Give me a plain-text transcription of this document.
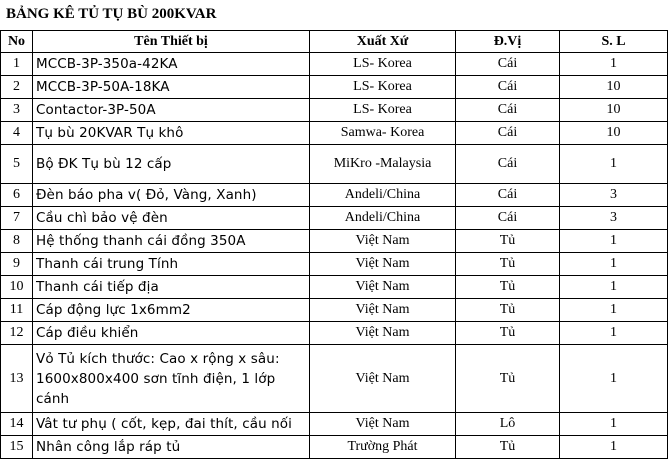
BẢNG KÊ TỦ TỤ BÙ 200KVAR
No	Tên Thiết bị	Xuất Xứ	Đ.Vị	S. L
1	MCCB-3P-350a-42KA	LS- Korea	Cái	1
2	MCCB-3P-50A-18KA	LS- Korea	Cái	10
3	Contactor-3P-50A	LS- Korea	Cái	10
4	Tụ bù 20KVAR Tụ khô	Samwa- Korea	Cái	10
5	Bộ ĐK Tụ bù 12 cấp	MiKro -Malaysia	Cái	1
6	Đèn báo pha v( Đỏ, Vàng, Xanh)	Andeli/China	Cái	3
7	Cầu chì bảo vệ đèn	Andeli/China	Cái	3
8	Hệ thống thanh cái đồng 350A	Việt Nam	Tủ	1
9	Thanh cái trung Tính	Việt Nam	Tủ	1
10	Thanh cái tiếp địa	Việt Nam	Tủ	1
11	Cáp động lực 1x6mm2	Việt Nam	Tủ	1
12	Cáp điều khiển	Việt Nam	Tủ	1
13	Vỏ Tủ kích thước: Cao x rộng x sâu: 1600x800x400 sơn tĩnh điện, 1 lớp cánh	Việt Nam	Tủ	1
14	Vât tư phụ ( cốt, kẹp, đai thít, cầu nối	Việt Nam	Lô	1
15	Nhân công lắp ráp tủ	Trường Phát	Tủ	1
